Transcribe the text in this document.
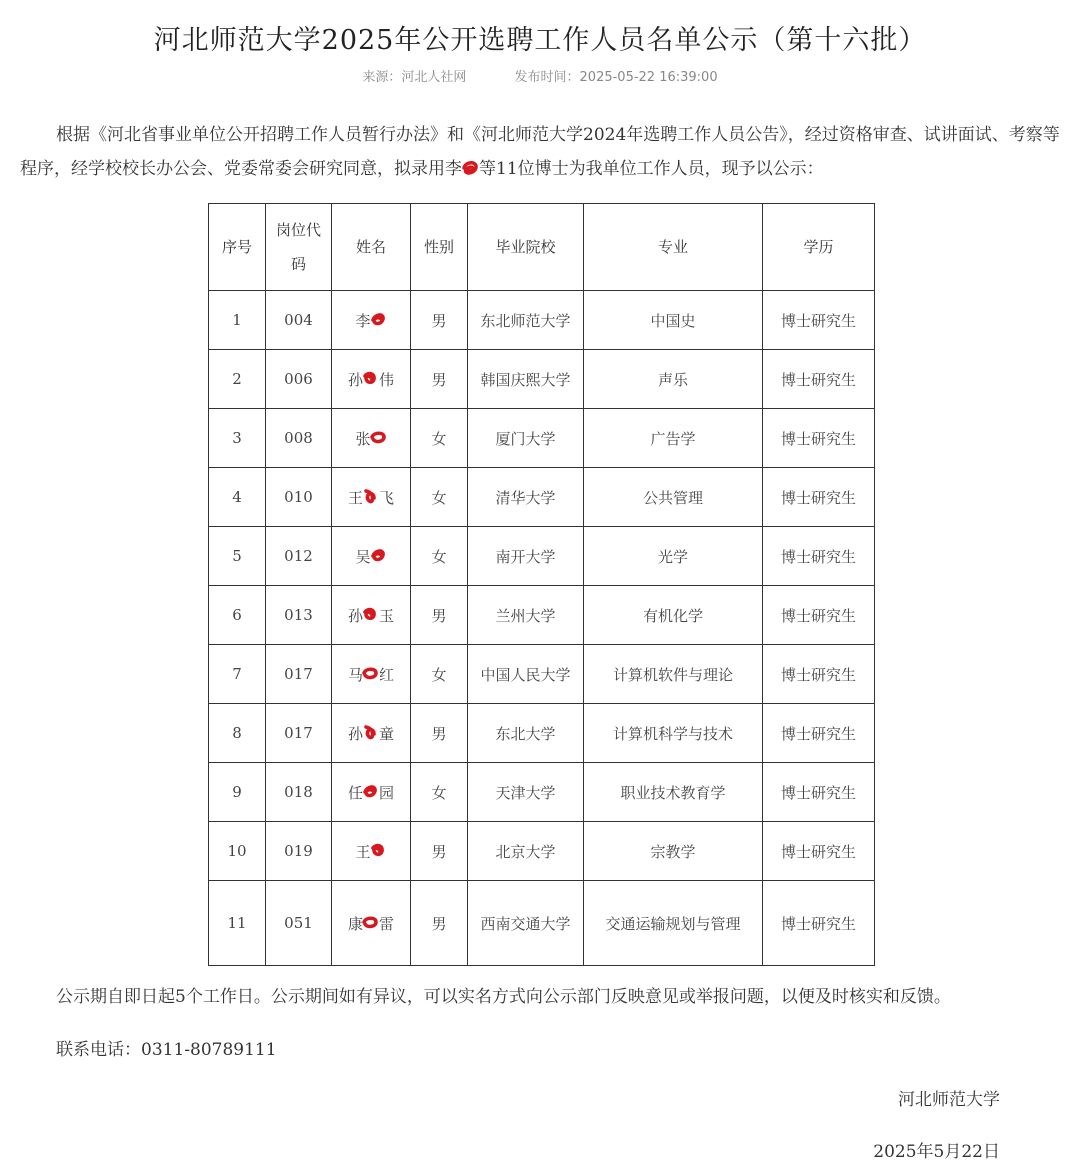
河北师范大学2025年公开选聘工作人员名单公示（第十六批）
来源：河北人社网	发布时间：2025-05-22 16:39:00

根据《河北省事业单位公开招聘工作人员暂行办法》和《河北师范大学2024年选聘工作人员公告》，经过资格审查、试讲面试、考察等程序，经学校校长办公会、党委常委会研究同意，拟录用李 等11位博士为我单位工作人员，现予以公示：

序号	岗位代码	姓名	性别	毕业院校	专业	学历
1	004	李	男	东北师范大学	中国史	博士研究生
2	006	孙 伟	男	韩国庆熙大学	声乐	博士研究生
3	008	张	女	厦门大学	广告学	博士研究生
4	010	王 飞	女	清华大学	公共管理	博士研究生
5	012	吴	女	南开大学	光学	博士研究生
6	013	孙 玉	男	兰州大学	有机化学	博士研究生
7	017	马 红	女	中国人民大学	计算机软件与理论	博士研究生
8	017	孙 童	男	东北大学	计算机科学与技术	博士研究生
9	018	任 园	女	天津大学	职业技术教育学	博士研究生
10	019	王	男	北京大学	宗教学	博士研究生
11	051	康 雷	男	西南交通大学	交通运输规划与管理	博士研究生

公示期自即日起5个工作日。公示期间如有异议，可以实名方式向公示部门反映意见或举报问题，以便及时核实和反馈。

联系电话：0311-80789111

河北师范大学

2025年5月22日
